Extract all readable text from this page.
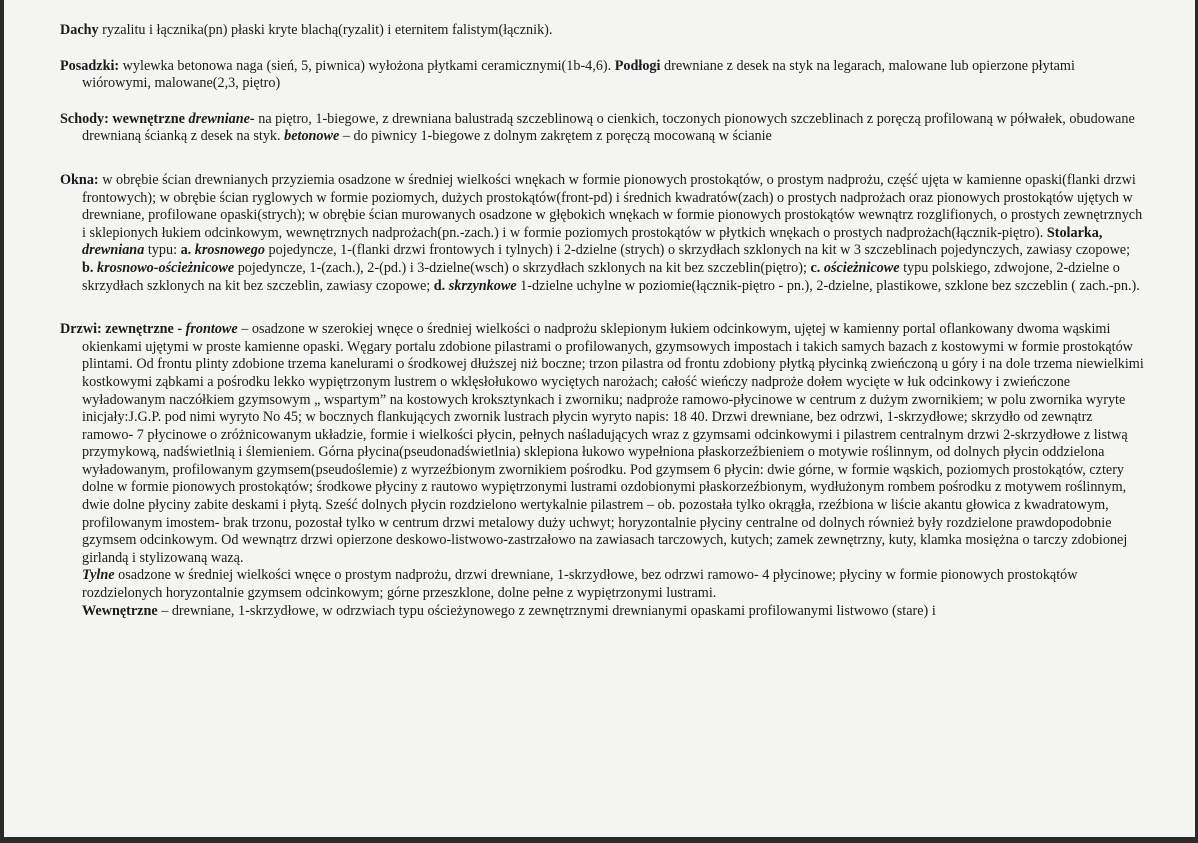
Dachy ryzalitu i łącznika(pn) płaski kryte blachą(ryzalit) i eternitem falistym(łącznik).

Posadzki: wylewka betonowa naga (sień, 5, piwnica) wyłożona płytkami ceramicznymi(1b-4,6). Podłogi drewniane z desek na styk na legarach, malowane lub opierzone płytami wiórowymi, malowane(2,3, piętro)

Schody: wewnętrzne drewniane- na piętro, 1-biegowe, z drewniana balustradą szczeblinową o cienkich, toczonych pionowych szczeblinach z poręczą profilowaną w półwałek, obudowane drewnianą ścianką z desek na styk. betonowe – do piwnicy 1-biegowe z dolnym zakrętem z poręczą mocowaną w ścianie

Okna: w obrębie ścian drewnianych przyziemia osadzone w średniej wielkości wnękach w formie pionowych prostokątów, o prostym nadprożu, część ujęta w kamienne opaski(flanki drzwi frontowych); w obrębie ścian ryglowych w formie poziomych, dużych prostokątów(front-pd) i średnich kwadratów(zach) o prostych nadprożach oraz pionowych prostokątów ujętych w drewniane, profilowane opaski(strych); w obrębie ścian murowanych osadzone w głębokich wnękach w formie pionowych prostokątów wewnątrz rozglifionych, o prostych zewnętrznych i sklepionych łukiem odcinkowym, wewnętrznych nadprożach(pn.-zach.) i w formie poziomych prostokątów w płytkich wnękach o prostych nadprożach(łącznik-piętro). Stolarka, drewniana typu: a. krosnowego pojedyncze, 1-(flanki drzwi frontowych i tylnych) i 2-dzielne (strych) o skrzydłach szklonych na kit w 3 szczeblinach pojedynczych, zawiasy czopowe; b. krosnowo-ościeżnicowe pojedyncze, 1-(zach.), 2-(pd.) i 3-dzielne(wsch) o skrzydłach szklonych na kit bez szczeblin(piętro); c. ościeżnicowe typu polskiego, zdwojone, 2-dzielne o skrzydłach szklonych na kit bez szczeblin, zawiasy czopowe; d. skrzynkowe 1-dzielne uchylne w poziomie(łącznik-piętro - pn.), 2-dzielne, plastikowe, szklone bez szczeblin ( zach.-pn.).

Drzwi: zewnętrzne - frontowe – osadzone w szerokiej wnęce o średniej wielkości o nadprożu sklepionym łukiem odcinkowym, ujętej w kamienny portal oflankowany dwoma wąskimi okienkami ujętymi w proste kamienne opaski. Węgary portalu zdobione pilastrami o profilowanych, gzymsowych impostach i takich samych bazach z kostowymi w formie prostokątów plintami. Od frontu plinty zdobione trzema kanelurami o środkowej dłuższej niż boczne; trzon pilastra od frontu zdobiony płytką płycinką zwieńczoną u góry i na dole trzema niewielkimi kostkowymi ząbkami a pośrodku lekko wypiętrzonym lustrem o wklęsłołukowo wyciętych narożach; całość wieńczy nadproże dołem wycięte w łuk odcinkowy i zwieńczone wyładowanym naczółkiem gzymsowym „ wspartym” na kostowych kroksztynkach i zworniku; nadproże ramowo-płycinowe w centrum z dużym zwornikiem; w polu zwornika wyryte inicjały:J.G.P. pod nimi wyryto No 45; w bocznych flankujących zwornik lustrach płycin wyryto napis: 18 40. Drzwi drewniane, bez odrzwi, 1-skrzydłowe; skrzydło od zewnątrz ramowo- 7 płycinowe o zróżnicowanym układzie, formie i wielkości płycin, pełnych naśladujących wraz z gzymsami odcinkowymi i pilastrem centralnym drzwi 2-skrzydłowe z listwą przymykową, nadświetlnią i ślemieniem. Górna płycina(pseudonadświetlnia) sklepiona łukowo wypełniona płaskorzeźbieniem o motywie roślinnym, od dolnych płycin oddzielona wyładowanym, profilowanym gzymsem(pseudoślemie) z wyrzeźbionym zwornikiem pośrodku. Pod gzymsem 6 płycin: dwie górne, w formie wąskich, poziomych prostokątów, cztery dolne w formie pionowych prostokątów; środkowe płyciny z rautowo wypiętrzonymi lustrami ozdobionymi płaskorzeźbionym, wydłużonym rombem pośrodku z motywem roślinnym, dwie dolne płyciny zabite deskami i płytą. Sześć dolnych płycin rozdzielono wertykalnie pilastrem – ob. pozostała tylko okrągła, rzeźbiona w liście akantu głowica z kwadratowym, profilowanym imostem- brak trzonu, pozostał tylko w centrum drzwi metalowy duży uchwyt; horyzontalnie płyciny centralne od dolnych również były rozdzielone prawdopodobnie gzymsem odcinkowym. Od wewnątrz drzwi opierzone deskowo-listwowo-zastrzałowo na zawiasach tarczowych, kutych; zamek zewnętrzny, kuty, klamka mosiężna o tarczy zdobionej girlandą i stylizowaną wazą.

Tylne osadzone w średniej wielkości wnęce o prostym nadprożu, drzwi drewniane, 1-skrzydłowe, bez odrzwi ramowo- 4 płycinowe; płyciny w formie pionowych prostokątów rozdzielonych horyzontalnie gzymsem odcinkowym; górne przeszklone, dolne pełne z wypiętrzonymi lustrami.

Wewnętrzne – drewniane, 1-skrzydłowe, w odrzwiach typu ościeżynowego z zewnętrznymi drewnianymi opaskami profilowanymi listwowo (stare) i
